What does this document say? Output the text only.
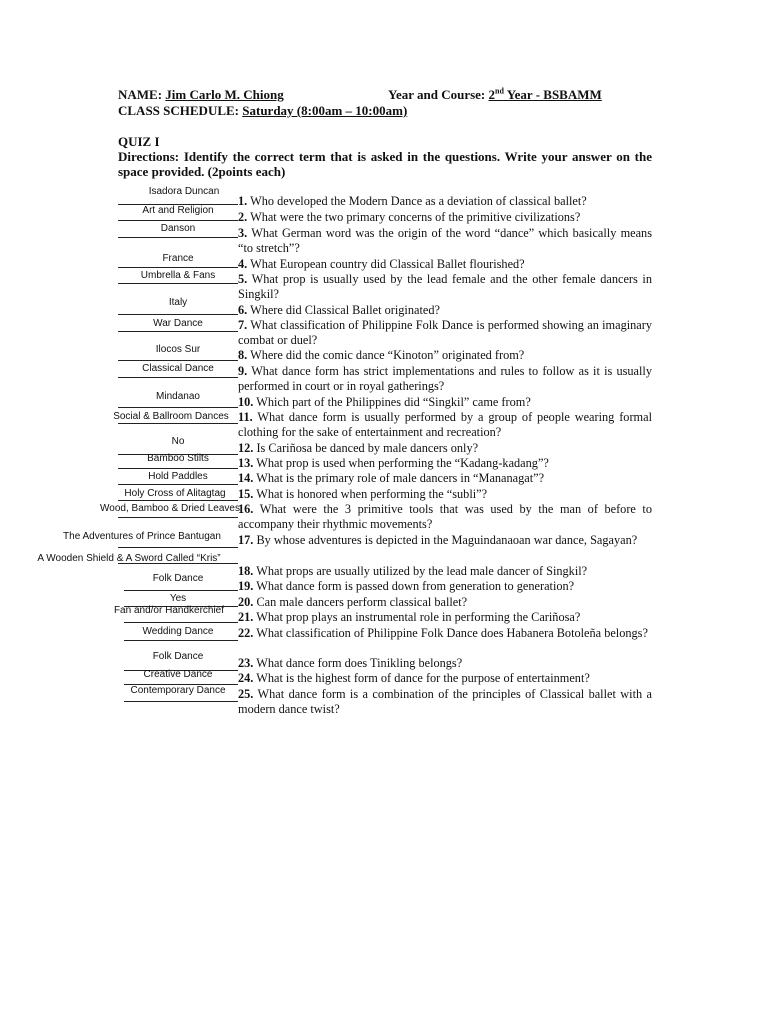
NAME: Jim Carlo M. Chiong	Year and Course: 2nd Year - BSBAMM
CLASS SCHEDULE: Saturday (8:00am – 10:00am)
QUIZ I
Directions: Identify the correct term that is asked in the questions. Write your answer on the space provided. (2points each)
Isadora Duncan
Art and Religion
Danson
France
Umbrella & Fans
Italy
War Dance
Ilocos Sur
Classical Dance
Mindanao
Social & Ballroom Dances
No
Bamboo Stilts
Hold Paddles
Holy Cross of Alitagtag
Wood, Bamboo & Dried Leaves
The Adventures of Prince Bantugan
A Wooden Shield & A Sword Called “Kris”
Folk Dance
Yes
Fan and/or Handkerchief
Wedding Dance
Folk Dance
Creative Dance
Contemporary Dance
1. Who developed the Modern Dance as a deviation of classical ballet?
2. What were the two primary concerns of the primitive civilizations?
3. What German word was the origin of the word “dance” which basically means “to stretch”?
4. What European country did Classical Ballet flourished?
5. What prop is usually used by the lead female and the other female dancers in Singkil?
6. Where did Classical Ballet originated?
7. What classification of Philippine Folk Dance is performed showing an imaginary combat or duel?
8. Where did the comic dance “Kinoton” originated from?
9. What dance form has strict implementations and rules to follow as it is usually performed in court or in royal gatherings?
10. Which part of the Philippines did “Singkil” came from?
11. What dance form is usually performed by a group of people wearing formal clothing for the sake of entertainment and recreation?
12. Is Cariñosa be danced by male dancers only?
13. What prop is used when performing the “Kadang-kadang”?
14. What is the primary role of male dancers in “Mananagat”?
15. What is honored when performing the “subli”?
16. What were the 3 primitive tools that was used by the man of before to accompany their rhythmic movements?
17. By whose adventures is depicted in the Maguindanaoan war dance, Sagayan?
18. What props are usually utilized by the lead male dancer of Singkil?
19. What dance form is passed down from generation to generation?
20. Can male dancers perform classical ballet?
21. What prop plays an instrumental role in performing the Cariñosa?
22. What classification of Philippine Folk Dance does Habanera Botoleña belongs?
23. What dance form does Tinikling belongs?
24. What is the highest form of dance for the purpose of entertainment?
25. What dance form is a combination of the principles of Classical ballet with a modern dance twist?
